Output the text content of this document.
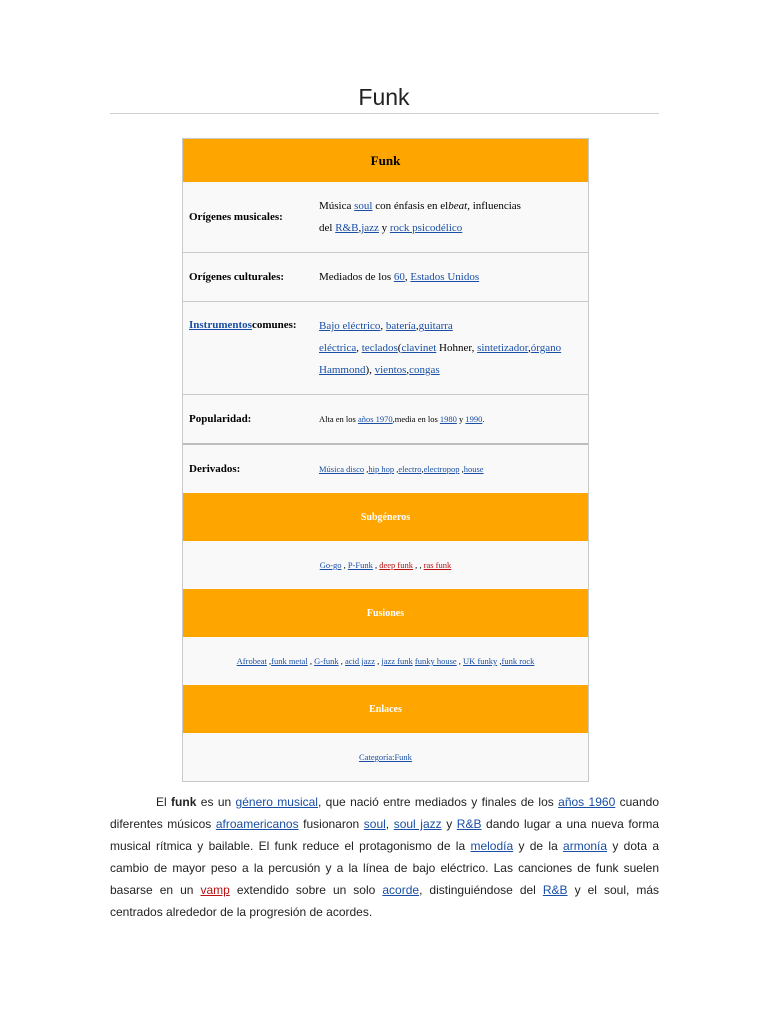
Funk
Funk
Orígenes musicales:
Música soul con énfasis en elbeat, influencias
del R&B,jazz y rock psicodélico
Orígenes culturales:	Mediados de los 60, Estados Unidos
Instrumentos comunes: Bajo eléctrico, batería,guitarra
eléctrica, teclados(clavinet Hohner, sintetizador,órgano
Hammond), vientos,congas
Popularidad:	Alta en los años 1970,media en los 1980 y 1990.
Derivados:	Música disco ,hip hop ,electro,electropop ,house
Subgéneros
Go-go , P-Funk , deep funk , , ras funk
Fusiones
Afrobeat ,funk metal , G-funk , acid jazz , jazz funk funky house , UK funky ,funk rock
Enlaces
Categoría:Funk
El funk es un género musical, que nació entre mediados y finales de los años 1960 cuando diferentes músicos afroamericanos fusionaron soul, soul jazz y R&B dando lugar a una nueva forma musical rítmica y bailable. El funk reduce el protagonismo de la melodía y de la armonía y dota a cambio de mayor peso a la percusión y a la línea de bajo eléctrico. Las canciones de funk suelen basarse en un vamp extendido sobre un solo acorde, distinguiéndose del R&B y el soul, más centrados alrededor de la progresión de acordes.
